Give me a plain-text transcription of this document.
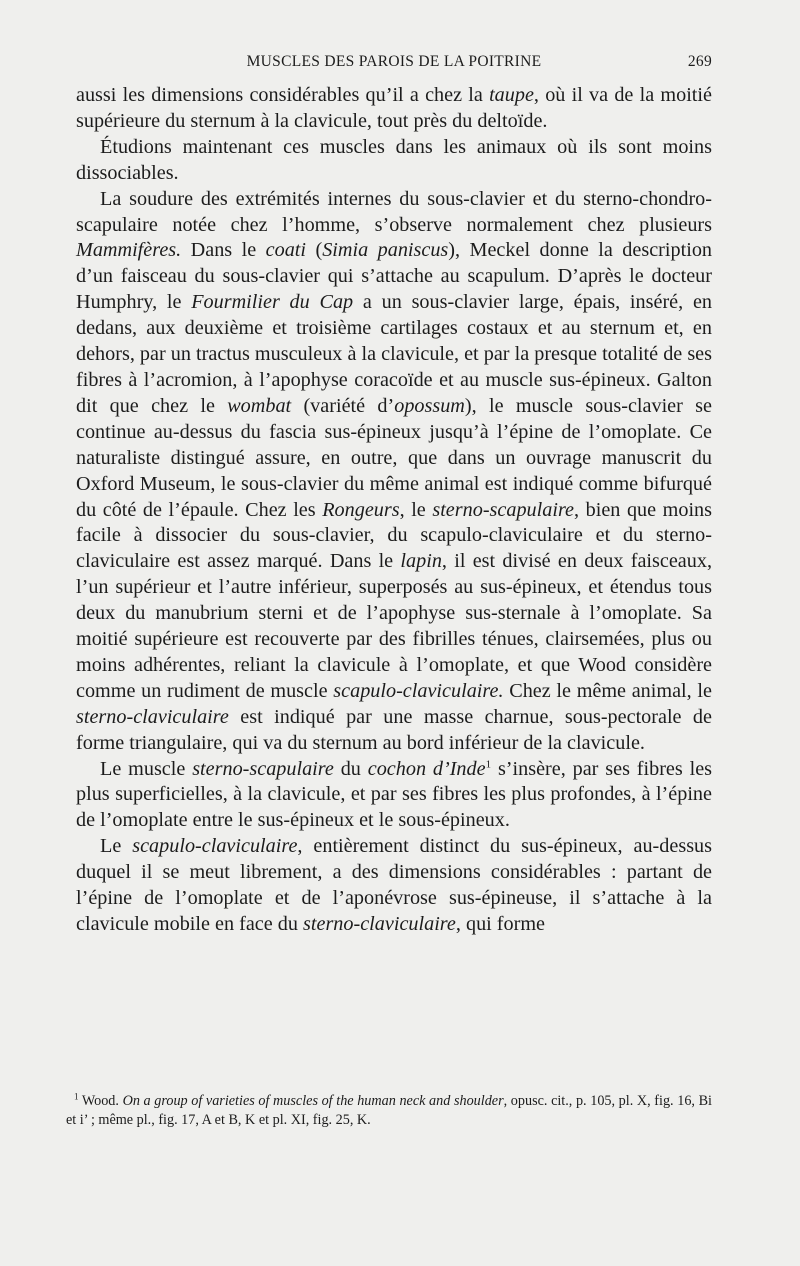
MUSCLES DES PAROIS DE LA POITRINE	269

aussi les dimensions considérables qu’il a chez la taupe, où il va de la moitié supérieure du sternum à la clavicule, tout près du deltoïde.

Étudions maintenant ces muscles dans les animaux où ils sont moins dissociables.

La soudure des extrémités internes du sous-clavier et du sterno-chondro-scapulaire notée chez l’homme, s’observe normalement chez plusieurs Mammifères. Dans le coati (Simia paniscus), Meckel donne la description d’un faisceau du sous-clavier qui s’attache au scapulum. D’après le docteur Humphry, le Fourmilier du Cap a un sous-clavier large, épais, inséré, en dedans, aux deuxième et troisième cartilages costaux et au sternum et, en dehors, par un tractus musculeux à la clavicule, et par la presque totalité de ses fibres à l’acromion, à l’apophyse coracoïde et au muscle sus-épineux. Galton dit que chez le wombat (variété d’opossum), le muscle sous-clavier se continue au-dessus du fascia sus-épineux jusqu’à l’épine de l’omoplate. Ce naturaliste distingué assure, en outre, que dans un ouvrage manuscrit du Oxford Museum, le sous-clavier du même animal est indiqué comme bifurqué du côté de l’épaule. Chez les Rongeurs, le sterno-scapulaire, bien que moins facile à dissocier du sous-clavier, du scapulo-claviculaire et du sterno-claviculaire est assez marqué. Dans le lapin, il est divisé en deux faisceaux, l’un supérieur et l’autre inférieur, superposés au sus-épineux, et étendus tous deux du manubrium sterni et de l’apophyse sus-sternale à l’omoplate. Sa moitié supérieure est recouverte par des fibrilles ténues, clairsemées, plus ou moins adhérentes, reliant la clavicule à l’omoplate, et que Wood considère comme un rudiment de muscle scapulo-claviculaire. Chez le même animal, le sterno-claviculaire est indiqué par une masse charnue, sous-pectorale de forme triangulaire, qui va du sternum au bord inférieur de la clavicule.

Le muscle sterno-scapulaire du cochon d’Inde$^1$ s’insère, par ses fibres les plus superficielles, à la clavicule, et par ses fibres les plus profondes, à l’épine de l’omoplate entre le sus-épineux et le sous-épineux.

Le scapulo-claviculaire, entièrement distinct du sus-épineux, au-dessus duquel il se meut librement, a des dimensions considérables : partant de l’épine de l’omoplate et de l’aponévrose sus-épineuse, il s’attache à la clavicule mobile en face du sterno-claviculaire, qui forme

$^1$ Wood. On a group of varieties of muscles of the human neck and shoulder, opusc. cit., p. 105, pl. X, fig. 16, Bi et i’ ; même pl., fig. 17, A et B, K et pl. XI, fig. 25, K.
